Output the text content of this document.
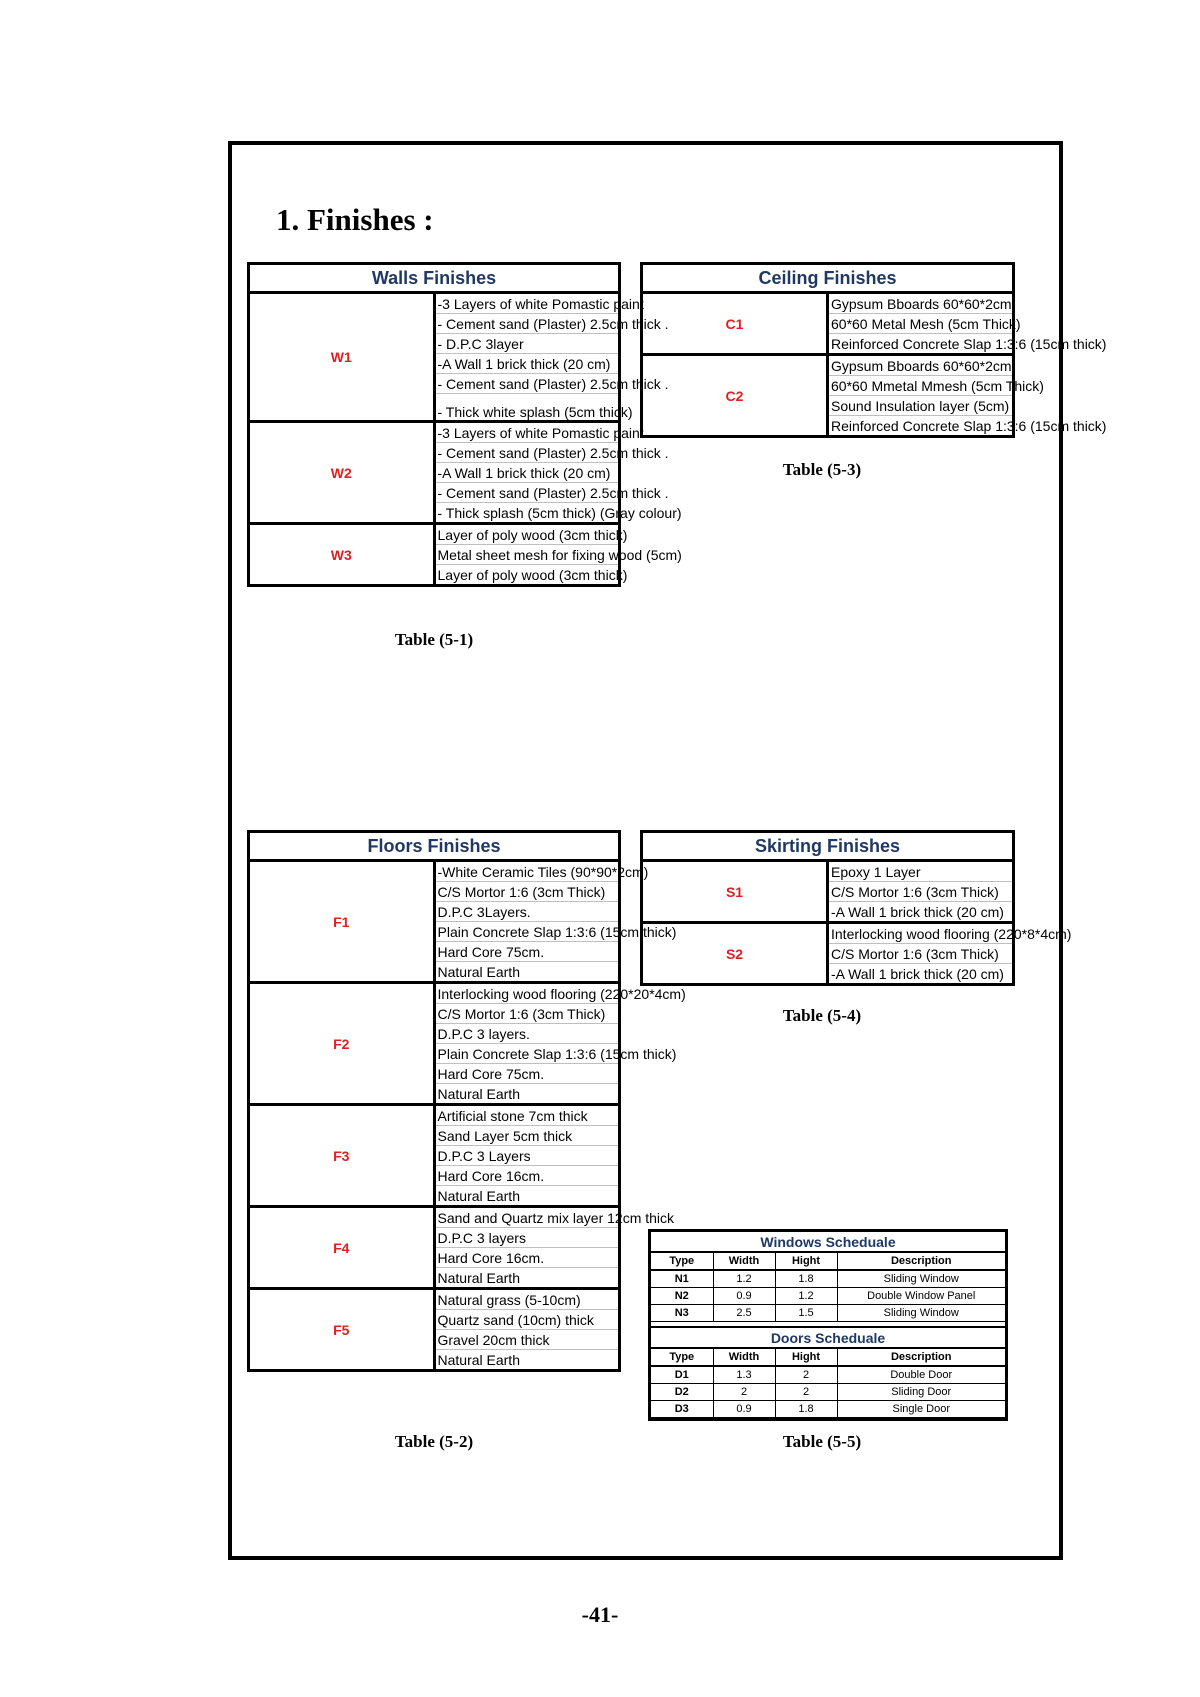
1. Finishes :
Walls Finishes	
W1	-3 Layers of white Pomastic paint
	- Cement sand (Plaster) 2.5cm thick .
	- D.P.C 3layer
	-A Wall 1 brick thick (20 cm)
	- Cement sand (Plaster) 2.5cm thick .
	- Thick white splash (5cm thick)
W2	-3 Layers of white Pomastic paint
	- Cement sand (Plaster) 2.5cm thick .
	-A Wall 1 brick thick (20 cm)
	- Cement sand (Plaster) 2.5cm thick .
	- Thick splash (5cm thick) (Gray colour)
W3	Layer of poly wood (3cm thick)
	Metal sheet mesh for fixing wood (5cm)
	Layer of poly wood (3cm thick)
Table (5-1)
Ceiling Finishes	
C1	Gypsum Bboards 60*60*2cm
	60*60 Metal Mesh (5cm Thick)
	Reinforced Concrete Slap 1:3:6 (15cm thick)
C2	Gypsum Bboards 60*60*2cm
	60*60 Mmetal Mmesh (5cm Thick)
	Sound Insulation layer (5cm)
	Reinforced Concrete Slap 1:3:6 (15cm thick)
Table (5-3)
Floors Finishes	
F1	-White Ceramic Tiles (90*90*2cm)
	C/S Mortor 1:6 (3cm Thick)
	D.P.C 3Layers.
	Plain Concrete Slap 1:3:6 (15cm thick)
	Hard Core 75cm.
	Natural Earth
F2	Interlocking wood flooring (220*20*4cm)
	C/S Mortor 1:6 (3cm Thick)
	D.P.C 3 layers.
	Plain Concrete Slap 1:3:6 (15cm thick)
	Hard Core 75cm.
	Natural Earth
F3	Artificial stone 7cm thick
	Sand Layer 5cm thick
	D.P.C 3 Layers
	Hard Core 16cm.
	Natural Earth
F4	Sand and Quartz mix layer 12cm thick
	D.P.C 3 layers
	Hard Core 16cm.
	Natural Earth
F5	Natural grass (5-10cm)
	Quartz sand (10cm) thick
	Gravel 20cm thick
	Natural Earth
Table (5-2)
Skirting Finishes	
S1	Epoxy 1 Layer
	C/S Mortor 1:6 (3cm Thick)
	-A Wall 1 brick thick (20 cm)
S2	Interlocking wood flooring (220*8*4cm)
	C/S Mortor 1:6 (3cm Thick)
	-A Wall 1 brick thick (20 cm)
Table (5-4)
Windows Scheduale			
Type	Width	Hight	Description
N1	1.2	1.8	Sliding Window
N2	0.9	1.2	Double Window Panel
N3	2.5	1.5	Sliding Window

Doors Scheduale			
Type	Width	Hight	Description
D1	1.3	2	Double Door
D2	2	2	Sliding Door
D3	0.9	1.8	Single Door
Table (5-5)
-41-
